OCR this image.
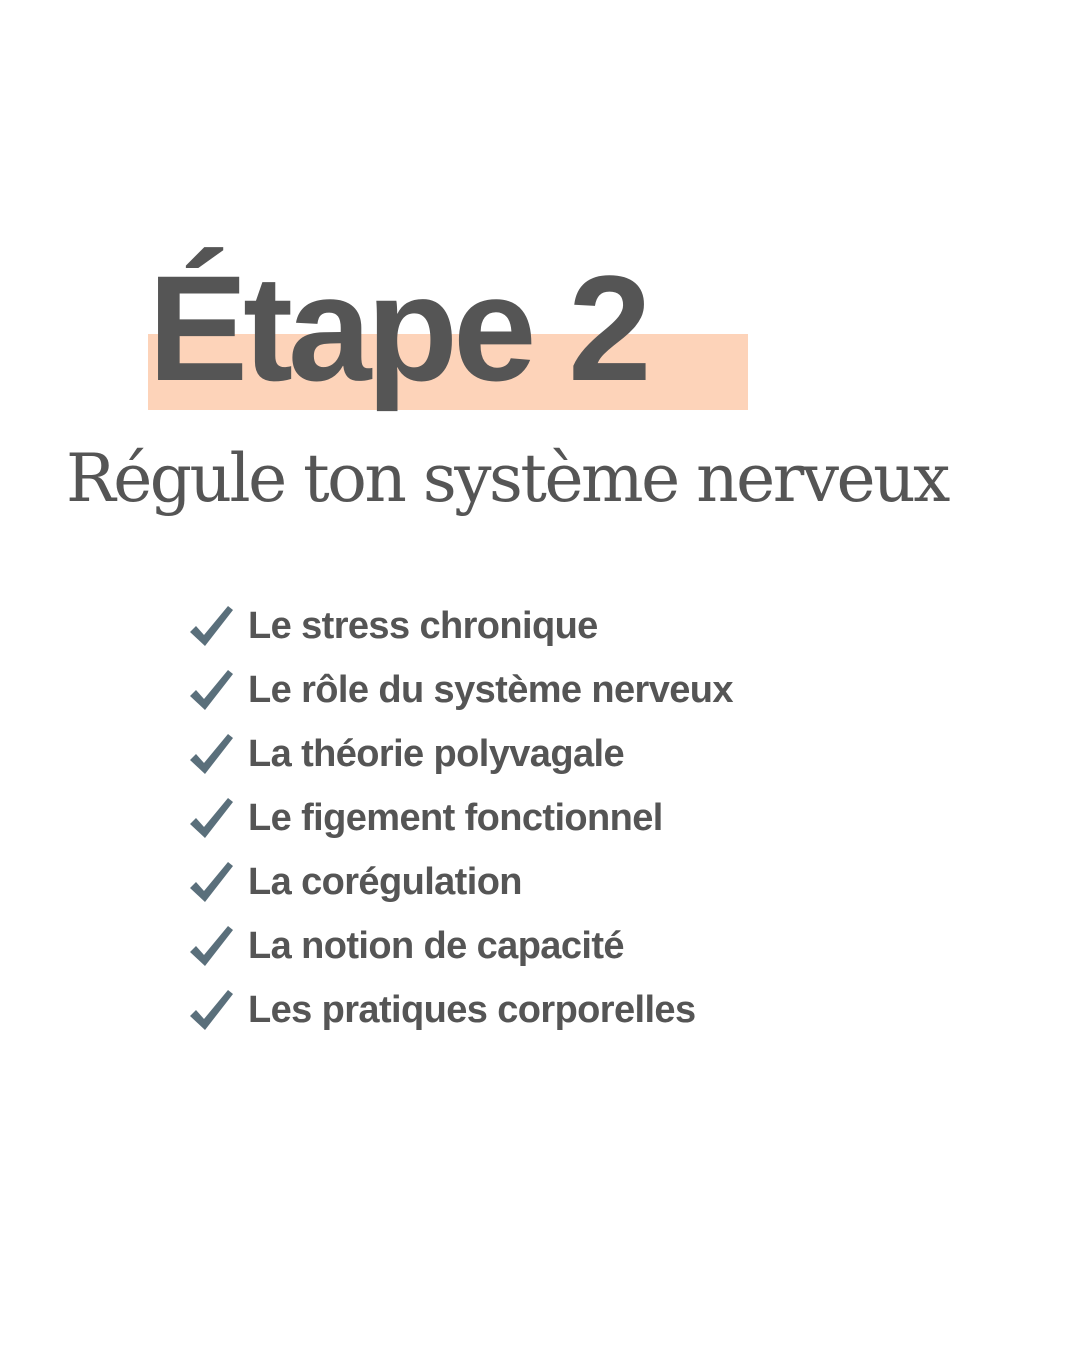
Étape 2
Régule ton système nerveux
Le stress chronique
Le rôle du système nerveux
La théorie polyvagale
Le figement fonctionnel
La corégulation
La notion de capacité
Les pratiques corporelles
